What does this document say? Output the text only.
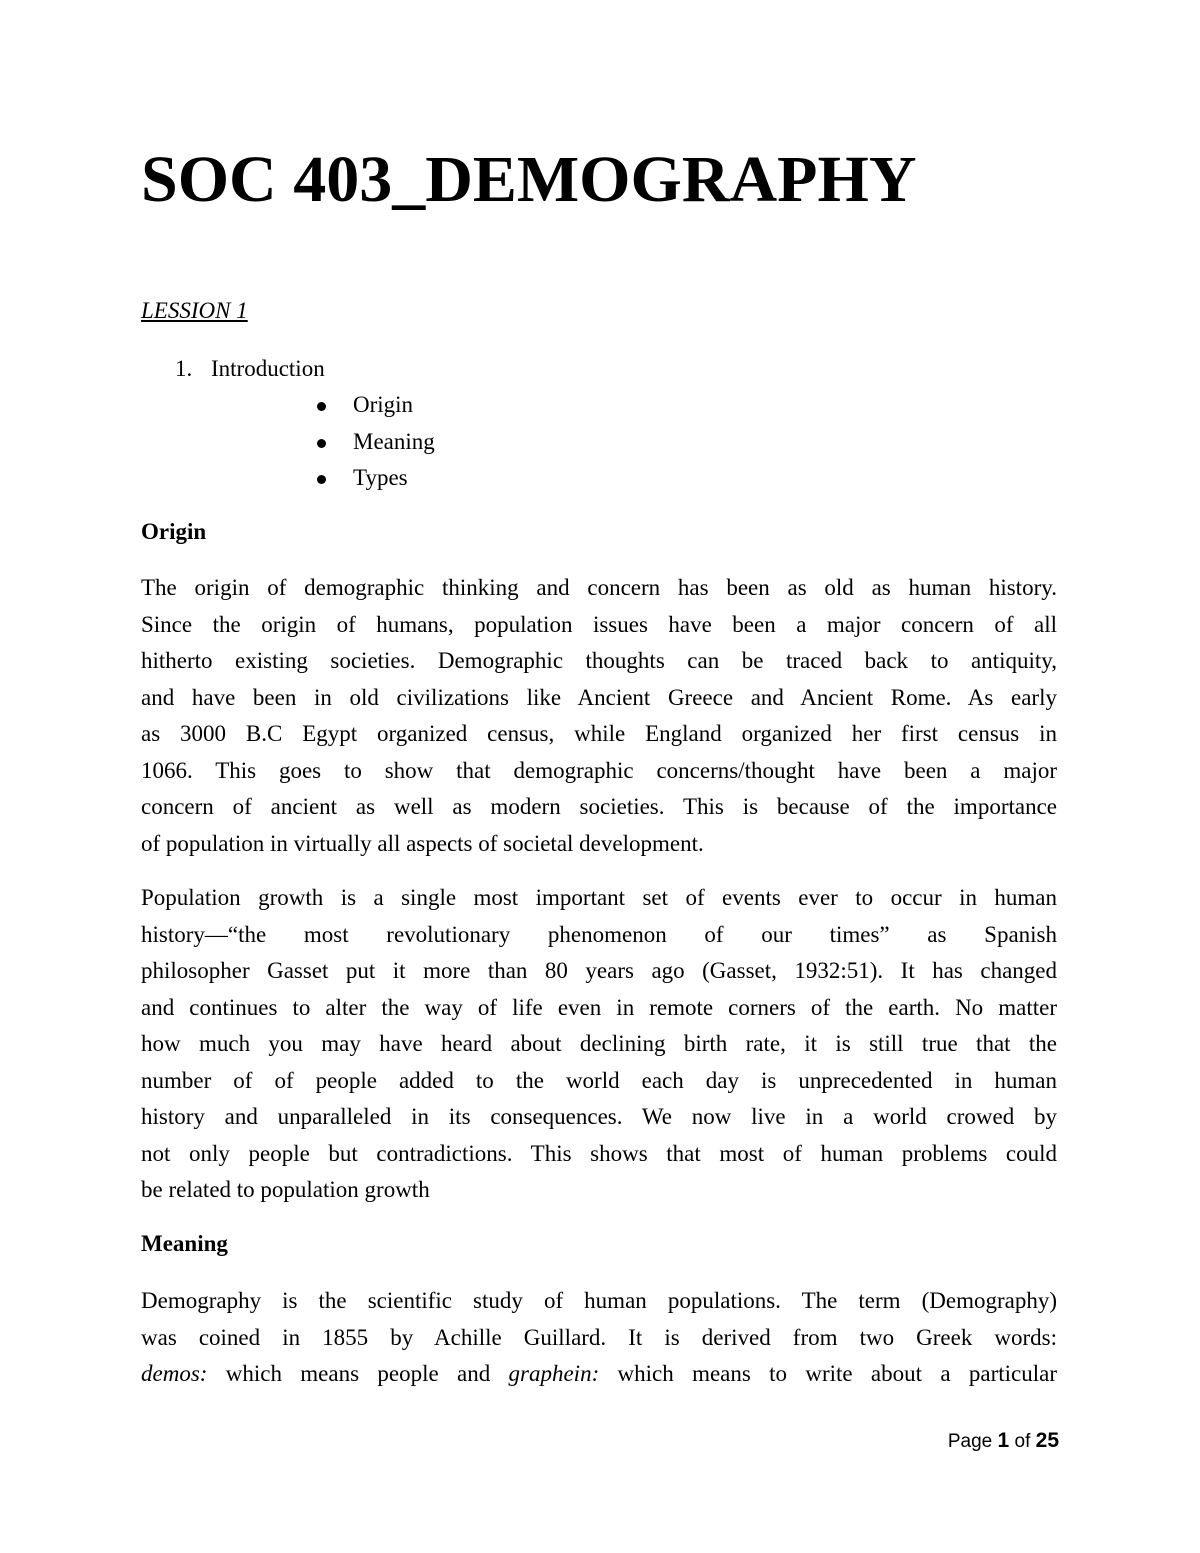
SOC 403_DEMOGRAPHY
LESSION 1
1. Introduction
Origin
Meaning
Types
Origin
The origin of demographic thinking and concern has been as old as human history.
Since the origin of humans, population issues have been a major concern of all
hitherto existing societies. Demographic thoughts can be traced back to antiquity,
and have been in old civilizations like Ancient Greece and Ancient Rome. As early
as 3000 B.C Egypt organized census, while England organized her first census in
1066. This goes to show that demographic concerns/thought have been a major
concern of ancient as well as modern societies. This is because of the importance
of population in virtually all aspects of societal development.
Population growth is a single most important set of events ever to occur in human
history—“the most revolutionary phenomenon of our times” as Spanish
philosopher Gasset put it more than 80 years ago (Gasset, 1932:51). It has changed
and continues to alter the way of life even in remote corners of the earth. No matter
how much you may have heard about declining birth rate, it is still true that the
number of of people added to the world each day is unprecedented in human
history and unparalleled in its consequences. We now live in a world crowed by
not only people but contradictions. This shows that most of human problems could
be related to population growth
Meaning
Demography is the scientific study of human populations. The term (Demography)
was coined in 1855 by Achille Guillard. It is derived from two Greek words:
demos: which means people and graphein: which means to write about a particular
Page 1 of 25
